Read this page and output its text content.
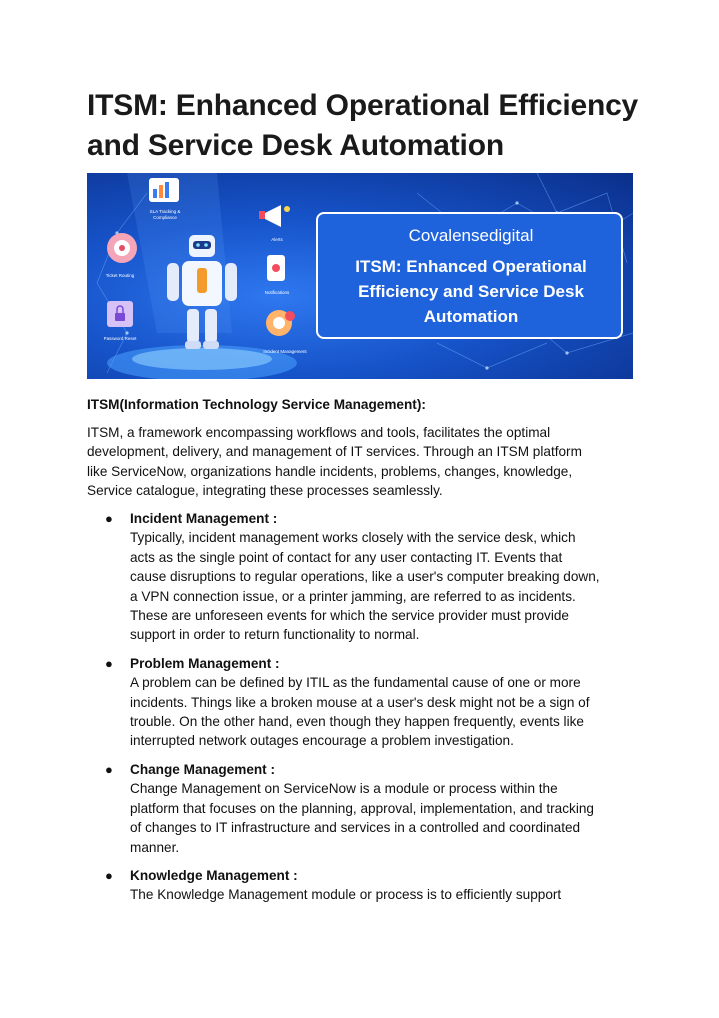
ITSM: Enhanced Operational Efficiency
and Service Desk Automation
SLA Tracking &
Compliance
Ticket Routing
Password Reset
Alerts
Notifications
Incident Management
Covalensedigital
ITSM: Enhanced Operational
Efficiency and Service Desk
Automation

ITSM(Information Technology Service Management):

ITSM, a framework encompassing workflows and tools, facilitates the optimal
development, delivery, and management of IT services. Through an ITSM platform
like ServiceNow, organizations handle incidents, problems, changes, knowledge,
Service catalogue, integrating these processes seamlessly.

● Incident Management :
Typically, incident management works closely with the service desk, which
acts as the single point of contact for any user contacting IT. Events that
cause disruptions to regular operations, like a user's computer breaking down,
a VPN connection issue, or a printer jamming, are referred to as incidents.
These are unforeseen events for which the service provider must provide
support in order to return functionality to normal.
● Problem Management :
A problem can be defined by ITIL as the fundamental cause of one or more
incidents. Things like a broken mouse at a user's desk might not be a sign of
trouble. On the other hand, even though they happen frequently, events like
interrupted network outages encourage a problem investigation.
● Change Management :
Change Management on ServiceNow is a module or process within the
platform that focuses on the planning, approval, implementation, and tracking
of changes to IT infrastructure and services in a controlled and coordinated
manner.
● Knowledge Management :
The Knowledge Management module or process is to efficiently support
